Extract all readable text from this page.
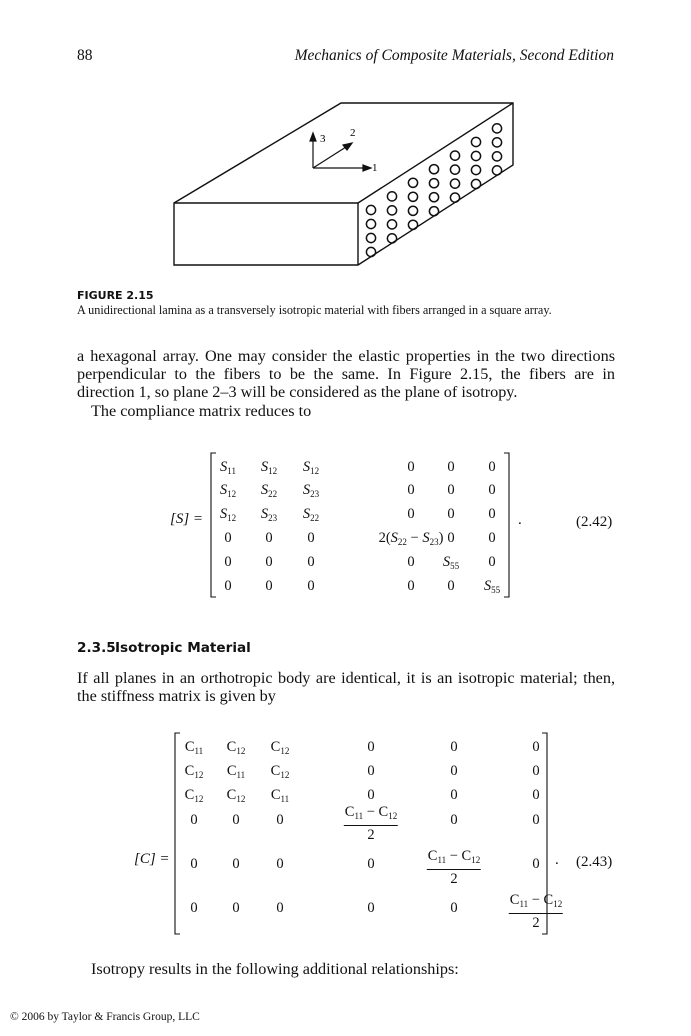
88	Mechanics of Composite Materials, Second Edition
3 2
1
FIGURE 2.15
A unidirectional lamina as a transversely isotropic material with fibers arranged in a square array.
a hexagonal array. One may consider the elastic properties in the two directions perpendicular to the fibers to be the same. In Figure 2.15, the fibers are in direction 1, so plane 2–3 will be considered as the plane of isotropy.
The compliance matrix reduces to
[S] =
$S_{11}$ $S_{12}$ $S_{12}$	0 0 0
$S_{12}$ $S_{22}$ $S_{23}$	0 0 0
$S_{12}$ $S_{23}$ $S_{22}$	0 0 0
0 0 0	$2(S_{22} - S_{23})$ 0 0
0 0 0	0 $S_{55}$ 0
0 0 0	0 0 $S_{55}$
.	(2.42)
2.3.5Isotropic Material
If all planes in an orthotropic body are identical, it is an isotropic material; then, the stiffness matrix is given by
[C] =
$C_{11}$ $C_{12}$ $C_{12}$	0	0	0
$C_{12}$ $C_{11}$ $C_{12}$	0	0	0
$C_{12}$ $C_{12}$ $C_{11}$	0	0	0
0 0	0	$\frac{C_{11} - C_{12}}{2}$	0	0
0 0	0	0	$\frac{C_{11} - C_{12}}{2}$	0
0 0	0	0	0	$\frac{C_{11} - C_{12}}{2}$
. (2.43)
Isotropy results in the following additional relationships:
© 2006 by Taylor & Francis Group, LLC
